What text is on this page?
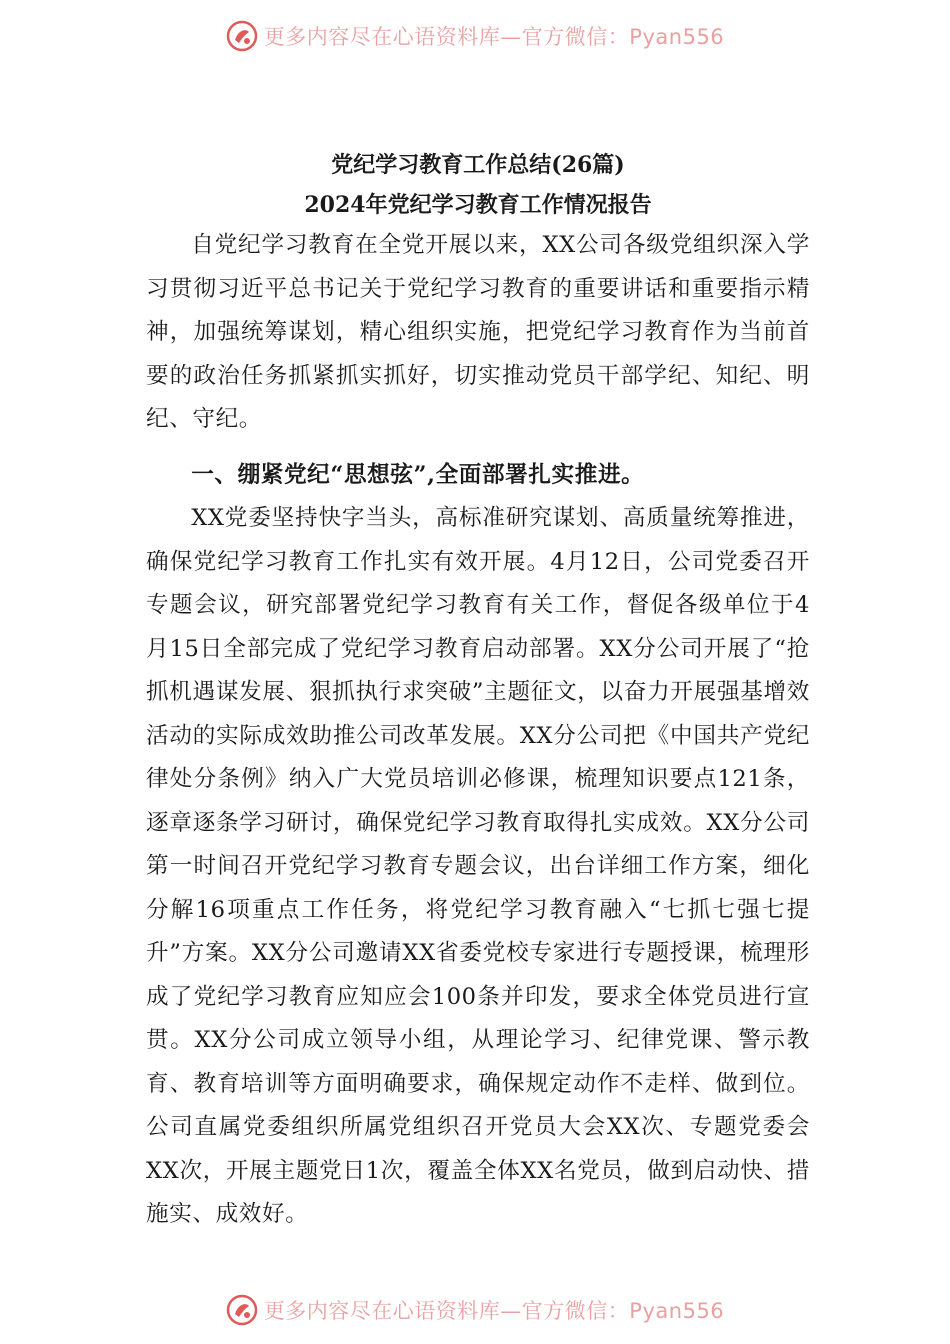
更多内容尽在心语资料库—官方微信：Pyan556

党纪学习教育工作总结(26篇)

2024年党纪学习教育工作情况报告

自党纪学习教育在全党开展以来，XX公司各级党组织深入学习贯彻习近平总书记关于党纪学习教育的重要讲话和重要指示精神，加强统筹谋划，精心组织实施，把党纪学习教育作为当前首要的政治任务抓紧抓实抓好，切实推动党员干部学纪、知纪、明纪、守纪。

一、绷紧党纪“思想弦”,全面部署扎实推进。

XX党委坚持快字当头，高标准研究谋划、高质量统筹推进，确保党纪学习教育工作扎实有效开展。4月12日，公司党委召开专题会议，研究部署党纪学习教育有关工作，督促各级单位于4月15日全部完成了党纪学习教育启动部署。XX分公司开展了“抢抓机遇谋发展、狠抓执行求突破”主题征文，以奋力开展强基增效活动的实际成效助推公司改革发展。XX分公司把《中国共产党纪律处分条例》纳入广大党员培训必修课，梳理知识要点121条，逐章逐条学习研讨，确保党纪学习教育取得扎实成效。XX分公司第一时间召开党纪学习教育专题会议，出台详细工作方案，细化分解16项重点工作任务，将党纪学习教育融入“七抓七强七提升”方案。XX分公司邀请XX省委党校专家进行专题授课，梳理形成了党纪学习教育应知应会100条并印发，要求全体党员进行宣贯。XX分公司成立领导小组，从理论学习、纪律党课、警示教育、教育培训等方面明确要求，确保规定动作不走样、做到位。公司直属党委组织所属党组织召开党员大会XX次、专题党委会XX次，开展主题党日1次，覆盖全体XX名党员，做到启动快、措施实、成效好。

更多内容尽在心语资料库—官方微信：Pyan556
